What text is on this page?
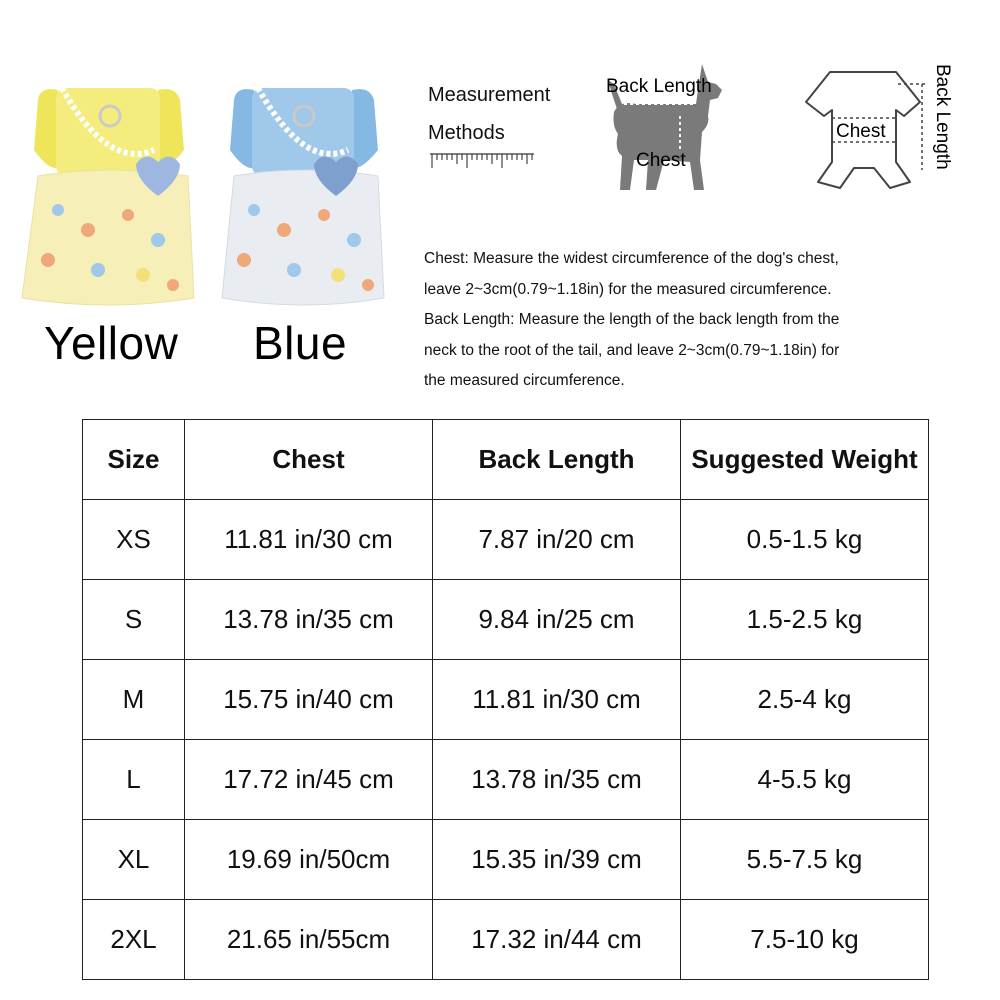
Yellow Blue
Measurement
Methods
Back Length
Chest
Chest Back Length

Chest: Measure the widest circumference of the dog's chest,

leave 2~3cm(0.79~1.18in) for the measured circumference.

Back Length: Measure the length of the back length from the

neck to the root of the tail, and leave 2~3cm(0.79~1.18in) for

the measured circumference.

Size	Chest	Back Length	Suggested Weight
XS	11.81 in/30 cm	7.87 in/20 cm	0.5-1.5 kg
S	13.78 in/35 cm	9.84 in/25 cm	1.5-2.5 kg
M	15.75 in/40 cm	11.81 in/30 cm	2.5-4 kg
L	17.72 in/45 cm	13.78 in/35 cm	4-5.5 kg
XL	19.69 in/50cm	15.35 in/39 cm	5.5-7.5 kg
2XL	21.65 in/55cm	17.32 in/44 cm	7.5-10 kg
